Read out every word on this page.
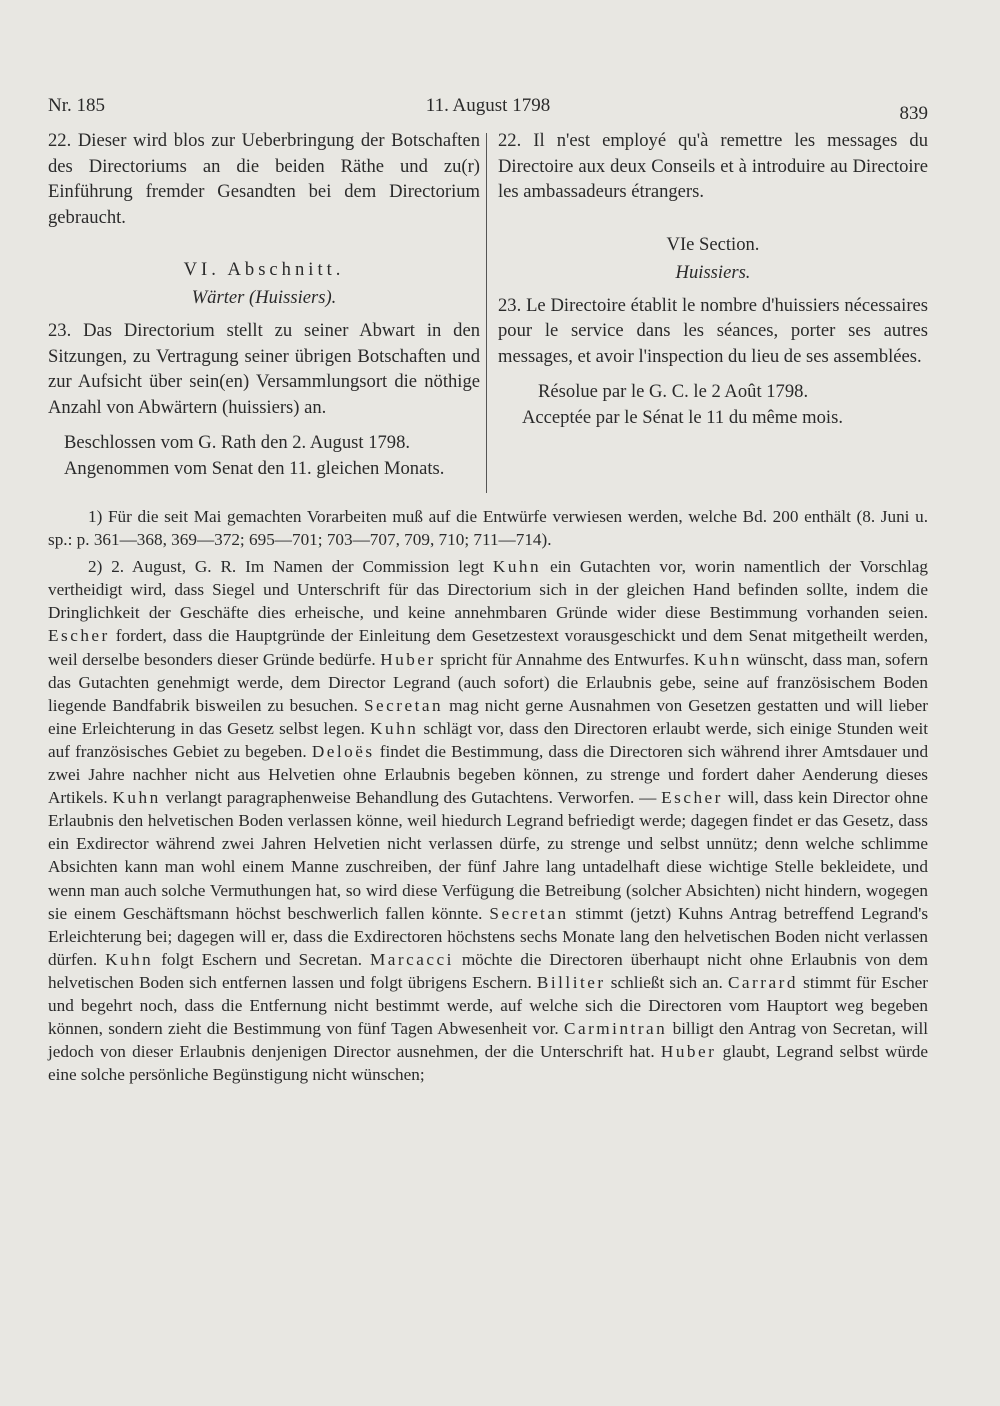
Nr. 185	11. August 1798	839

22. Dieser wird blos zur Ueberbringung der Botschaften des Directoriums an die beiden Räthe und zu(r) Einführung fremder Gesandten bei dem Directorium gebraucht.

VI. Abschnitt.

Wärter (Huissiers).

23. Das Directorium stellt zu seiner Abwart in den Sitzungen, zu Vertragung seiner übrigen Botschaften und zur Aufsicht über sein(en) Versammlungsort die nöthige Anzahl von Abwärtern (huissiers) an.

Beschlossen vom G. Rath den 2. August 1798.

Angenommen vom Senat den 11. gleichen Monats.

22. Il n'est employé qu'à remettre les messages du Directoire aux deux Conseils et à introduire au Directoire les ambassadeurs étrangers.

VIe Section.

Huissiers.

23. Le Directoire établit le nombre d'huissiers nécessaires pour le service dans les séances, porter ses autres messages, et avoir l'inspection du lieu de ses assemblées.

Résolue par le G. C. le 2 Août 1798.

Acceptée par le Sénat le 11 du même mois.

1) Für die seit Mai gemachten Vorarbeiten muß auf die Entwürfe verwiesen werden, welche Bd. 200 enthält (8. Juni u. sp.: p. 361—368, 369—372; 695—701; 703—707, 709, 710; 711—714).

2) 2. August, G. R. Im Namen der Commission legt Kuhn ein Gutachten vor, worin namentlich der Vorschlag vertheidigt wird, dass Siegel und Unterschrift für das Directorium sich in der gleichen Hand befinden sollte, indem die Dringlichkeit der Geschäfte dies erheische, und keine annehmbaren Gründe wider diese Bestimmung vorhanden seien. Escher fordert, dass die Hauptgründe der Einleitung dem Gesetzestext vorausgeschickt und dem Senat mitgetheilt werden, weil derselbe besonders dieser Gründe bedürfe. Huber spricht für Annahme des Entwurfes. Kuhn wünscht, dass man, sofern das Gutachten genehmigt werde, dem Director Legrand (auch sofort) die Erlaubnis gebe, seine auf französischem Boden liegende Bandfabrik bisweilen zu besuchen. Secretan mag nicht gerne Ausnahmen von Gesetzen gestatten und will lieber eine Erleichterung in das Gesetz selbst legen. Kuhn schlägt vor, dass den Directoren erlaubt werde, sich einige Stunden weit auf französisches Gebiet zu begeben. Deloës findet die Bestimmung, dass die Directoren sich während ihrer Amtsdauer und zwei Jahre nachher nicht aus Helvetien ohne Erlaubnis begeben können, zu strenge und fordert daher Aenderung dieses Artikels. Kuhn verlangt paragraphenweise Behandlung des Gutachtens. Verworfen. — Escher will, dass kein Director ohne Erlaubnis den helvetischen Boden verlassen könne, weil hiedurch Legrand befriedigt werde; dagegen findet er das Gesetz, dass ein Exdirector während zwei Jahren Helvetien nicht verlassen dürfe, zu strenge und selbst unnütz; denn welche schlimme Absichten kann man wohl einem Manne zuschreiben, der fünf Jahre lang untadelhaft diese wichtige Stelle bekleidete, und wenn man auch solche Vermuthungen hat, so wird diese Verfügung die Betreibung (solcher Absichten) nicht hindern, wogegen sie einem Geschäftsmann höchst beschwerlich fallen könnte. Secretan stimmt (jetzt) Kuhns Antrag betreffend Legrand's Erleichterung bei; dagegen will er, dass die Exdirectoren höchstens sechs Monate lang den helvetischen Boden nicht verlassen dürfen. Kuhn folgt Eschern und Secretan. Marcacci möchte die Directoren überhaupt nicht ohne Erlaubnis von dem helvetischen Boden sich entfernen lassen und folgt übrigens Eschern. Billiter schließt sich an. Carrard stimmt für Escher und begehrt noch, dass die Entfernung nicht bestimmt werde, auf welche sich die Directoren vom Hauptort weg begeben können, sondern zieht die Bestimmung von fünf Tagen Abwesenheit vor. Carmintran billigt den Antrag von Secretan, will jedoch von dieser Erlaubnis denjenigen Director ausnehmen, der die Unterschrift hat. Huber glaubt, Legrand selbst würde eine solche persönliche Begünstigung nicht wünschen;
